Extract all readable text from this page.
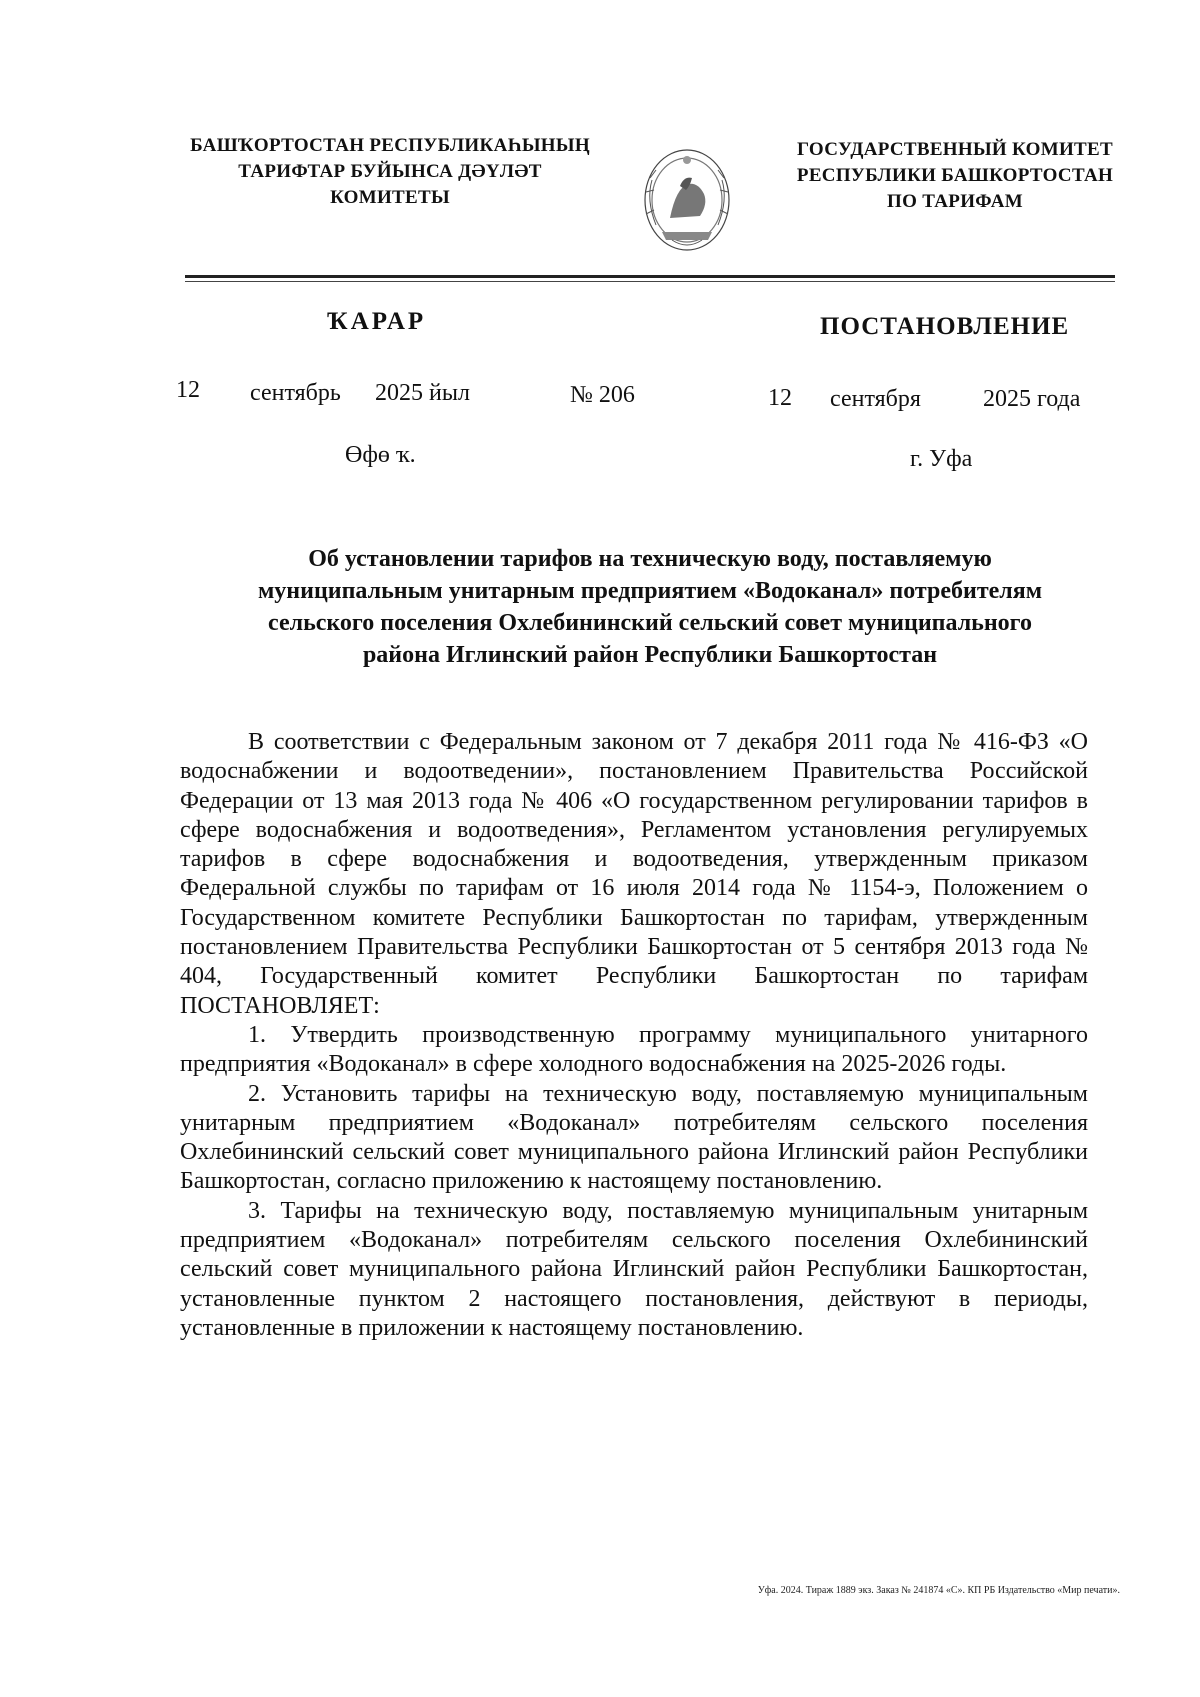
БАШҠОРТОСТАН РЕСПУБЛИКАҺЫНЫҢ
ТАРИФТАР БУЙЫНСА ДӘҮЛӘТ
КОМИТЕТЫ
ГОСУДАРСТВЕННЫЙ КОМИТЕТ
РЕСПУБЛИКИ БАШКОРТОСТАН
ПО ТАРИФАМ
ҠАРАР	ПОСТАНОВЛЕНИЕ
12 сентябрь 2025 йыл	№ 206	12 сентября	2025 года
Өфө ҡ.	г. Уфа
Об установлении тарифов на техническую воду, поставляемую
муниципальным унитарным предприятием «Водоканал» потребителям
сельского поселения Охлебининский сельский совет муниципального
района Иглинский район Республики Башкортостан

В соответствии с Федеральным законом от 7 декабря 2011 года № 416-ФЗ «О водоснабжении и водоотведении», постановлением Правительства Российской Федерации от 13 мая 2013 года № 406 «О государственном регулировании тарифов в сфере водоснабжения и водоотведения», Регламентом установления регулируемых тарифов в сфере водоснабжения и водоотведения, утвержденным приказом Федеральной службы по тарифам от 16 июля 2014 года № 1154-э, Положением о Государственном комитете Республики Башкортостан по тарифам, утвержденным постановлением Правительства Республики Башкортостан от 5 сентября 2013 года № 404, Государственный комитет Республики Башкортостан по тарифам ПОСТАНОВЛЯЕТ:

1. Утвердить производственную программу муниципального унитарного предприятия «Водоканал» в сфере холодного водоснабжения на 2025-2026 годы.

2. Установить тарифы на техническую воду, поставляемую муниципальным унитарным предприятием «Водоканал» потребителям сельского поселения Охлебининский сельский совет муниципального района Иглинский район Республики Башкортостан, согласно приложению к настоящему постановлению.

3. Тарифы на техническую воду, поставляемую муниципальным унитарным предприятием «Водоканал» потребителям сельского поселения Охлебининский сельский совет муниципального района Иглинский район Республики Башкортостан, установленные пунктом 2 настоящего постановления, действуют в периоды, установленные в приложении к настоящему постановлению.

Уфа. 2024. Тираж 1889 экз. Заказ № 241874 «С». КП РБ Издательство «Мир печати».
